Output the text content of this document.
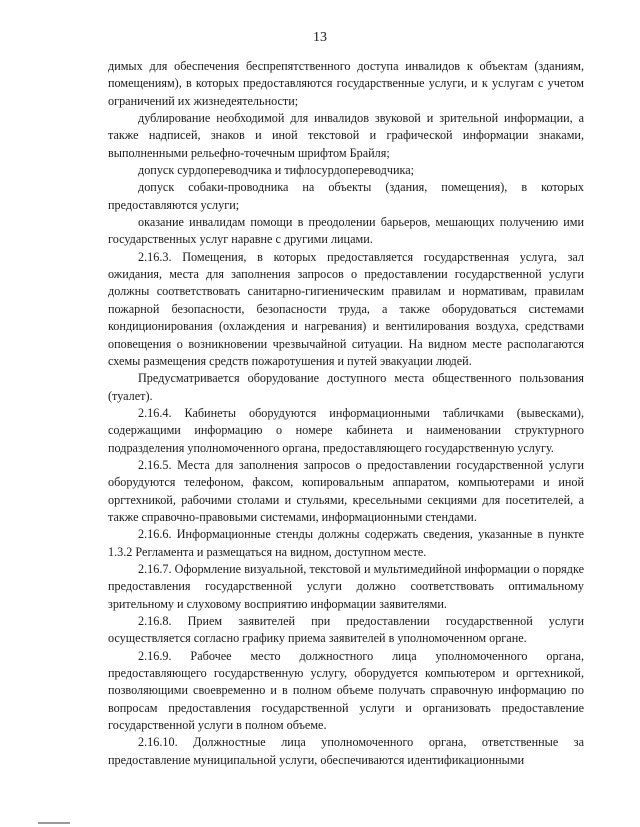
13

димых для обеспечения беспрепятственного доступа инвалидов к объектам (зданиям, помещениям), в которых предоставляются государственные услуги, и к услугам с учетом ограничений их жизнедеятельности;

дублирование необходимой для инвалидов звуковой и зрительной информации, а также надписей, знаков и иной текстовой и графической информации знаками, выполненными рельефно-точечным шрифтом Брайля;

допуск сурдопереводчика и тифлосурдопереводчика;

допуск собаки-проводника на объекты (здания, помещения), в которых предоставляются услуги;

оказание инвалидам помощи в преодолении барьеров, мешающих получению ими государственных услуг наравне с другими лицами.

2.16.3. Помещения, в которых предоставляется государственная услуга, зал ожидания, места для заполнения запросов о предоставлении государственной услуги должны соответствовать санитарно-гигиеническим правилам и нормативам, правилам пожарной безопасности, безопасности труда, а также оборудоваться системами кондиционирования (охлаждения и нагревания) и вентилирования воздуха, средствами оповещения о возникновении чрезвычайной ситуации. На видном месте располагаются схемы размещения средств пожаротушения и путей эвакуации людей.

Предусматривается оборудование доступного места общественного пользования (туалет).

2.16.4. Кабинеты оборудуются информационными табличками (вывесками), содержащими информацию о номере кабинета и наименовании структурного подразделения уполномоченного органа, предоставляющего государственную услугу.

2.16.5. Места для заполнения запросов о предоставлении государственной услуги оборудуются телефоном, факсом, копировальным аппаратом, компьютерами и иной оргтехникой, рабочими столами и стульями, кресельными секциями для посетителей, а также справочно-правовыми системами, информационными стендами.

2.16.6. Информационные стенды должны содержать сведения, указанные в пункте 1.3.2 Регламента и размещаться на видном, доступном месте.

2.16.7. Оформление визуальной, текстовой и мультимедийной информации о порядке предоставления государственной услуги должно соответствовать оптимальному зрительному и слуховому восприятию информации заявителями.

2.16.8. Прием заявителей при предоставлении государственной услуги осуществляется согласно графику приема заявителей в уполномоченном органе.

2.16.9. Рабочее место должностного лица уполномоченного органа, предоставляющего государственную услугу, оборудуется компьютером и оргтехникой, позволяющими своевременно и в полном объеме получать справочную информацию по вопросам предоставления государственной услуги и организовать предоставление государственной услуги в полном объеме.

2.16.10. Должностные лица уполномоченного органа, ответственные за предоставление муниципальной услуги, обеспечиваются идентификационными
